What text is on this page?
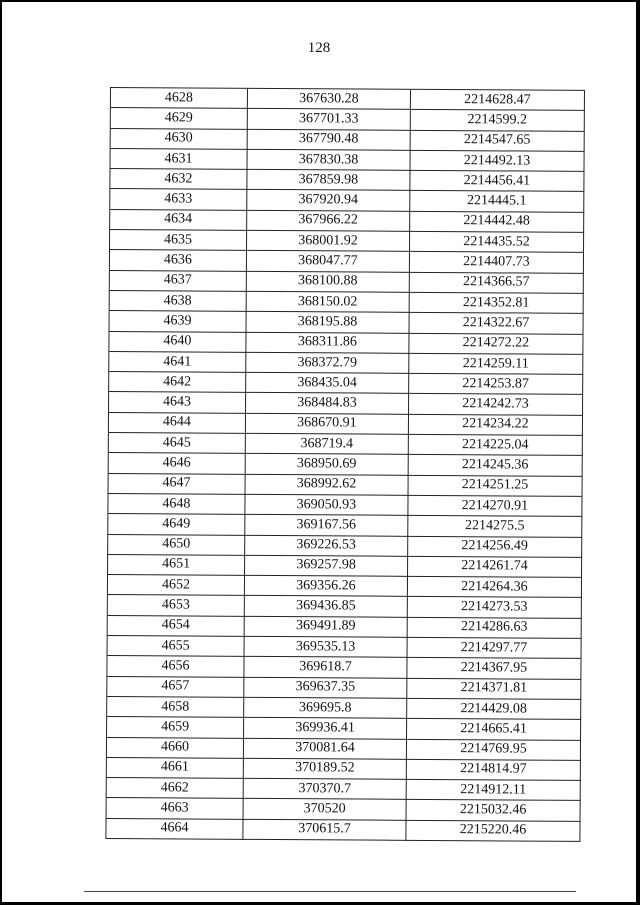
128
4628	367630.28	2214628.47
4629	367701.33	2214599.2
4630	367790.48	2214547.65
4631	367830.38	2214492.13
4632	367859.98	2214456.41
4633	367920.94	2214445.1
4634	367966.22	2214442.48
4635	368001.92	2214435.52
4636	368047.77	2214407.73
4637	368100.88	2214366.57
4638	368150.02	2214352.81
4639	368195.88	2214322.67
4640	368311.86	2214272.22
4641	368372.79	2214259.11
4642	368435.04	2214253.87
4643	368484.83	2214242.73
4644	368670.91	2214234.22
4645	368719.4	2214225.04
4646	368950.69	2214245.36
4647	368992.62	2214251.25
4648	369050.93	2214270.91
4649	369167.56	2214275.5
4650	369226.53	2214256.49
4651	369257.98	2214261.74
4652	369356.26	2214264.36
4653	369436.85	2214273.53
4654	369491.89	2214286.63
4655	369535.13	2214297.77
4656	369618.7	2214367.95
4657	369637.35	2214371.81
4658	369695.8	2214429.08
4659	369936.41	2214665.41
4660	370081.64	2214769.95
4661	370189.52	2214814.97
4662	370370.7	2214912.11
4663	370520	2215032.46
4664	370615.7	2215220.46
